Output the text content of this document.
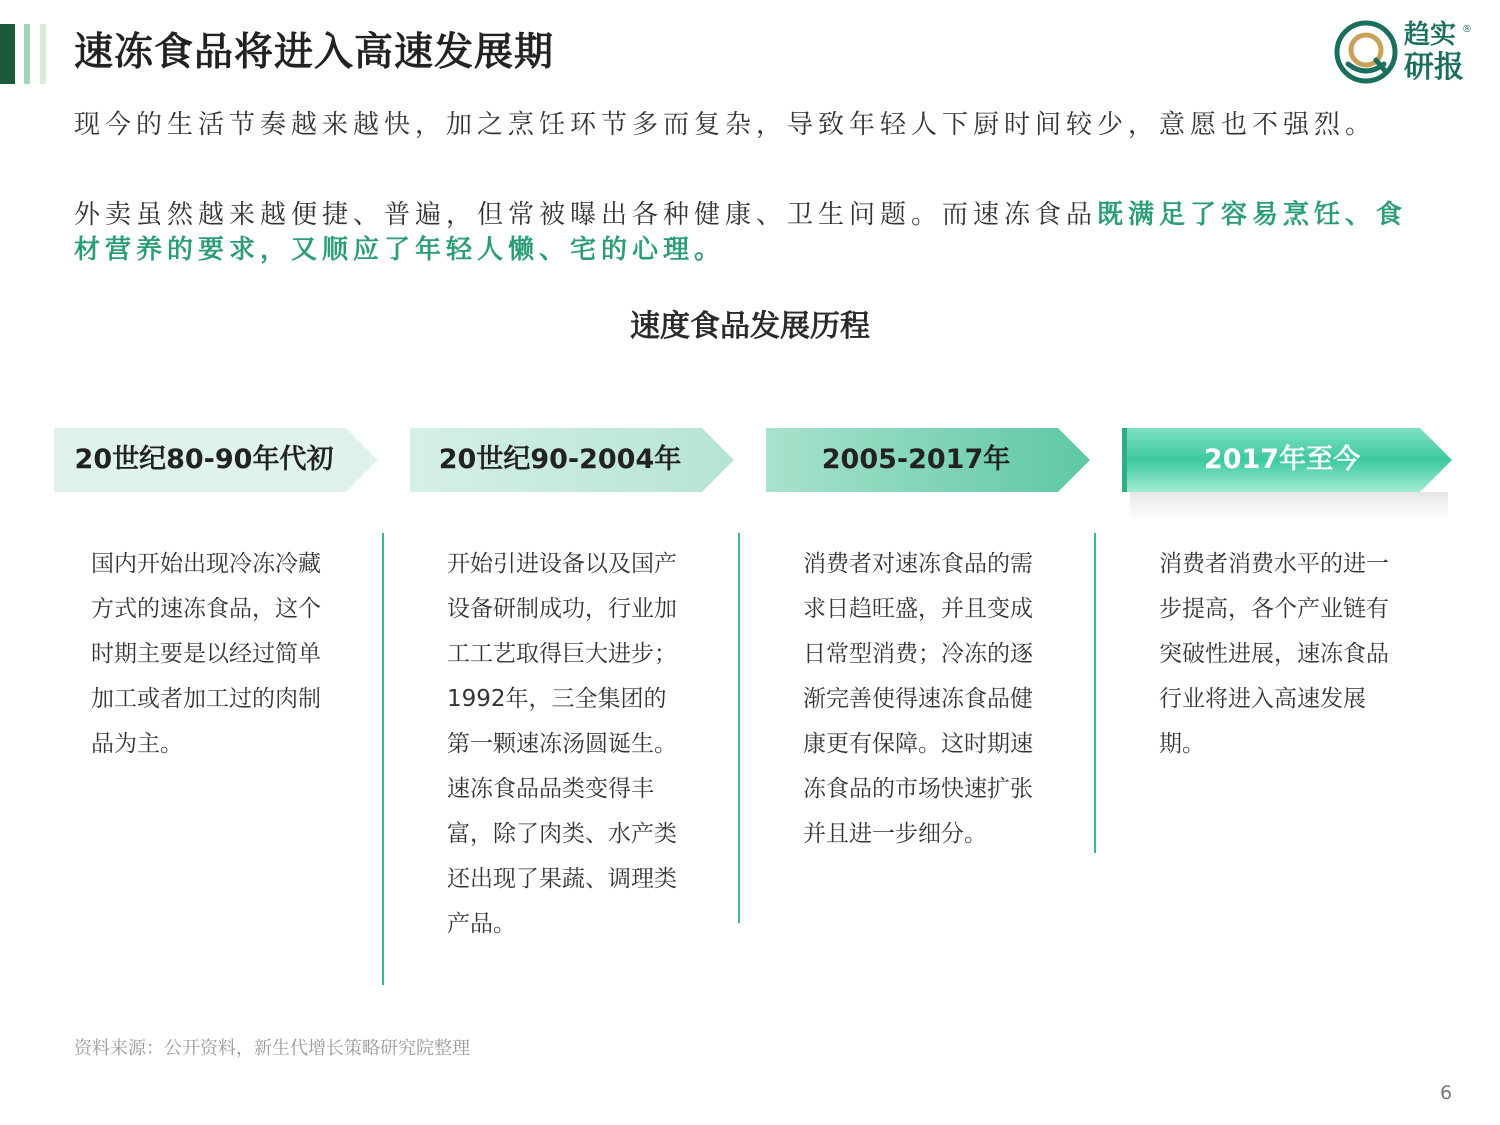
速冻食品将进入高速发展期	趋实 ®
研报

现今的生活节奏越来越快，加之烹饪环节多而复杂，导致年轻人下厨时间较少，意愿也不强烈。

外卖虽然越来越便捷、普遍，但常被曝出各种健康、卫生问题。而速冻食品既满足了容易烹饪、食材营养的要求，又顺应了年轻人懒、宅的心理。

速度食品发展历程
20世纪80-90年代初	20世纪90-2004年	2005-2017年	2017年至今

国内开始出现冷冻冷藏方式的速冻食品，这个时期主要是以经过简单加工或者加工过的肉制品为主。

开始引进设备以及国产设备研制成功，行业加工工艺取得巨大进步；1992年，三全集团的第一颗速冻汤圆诞生。速冻食品品类变得丰富，除了肉类、水产类还出现了果蔬、调理类产品。

消费者对速冻食品的需求日趋旺盛，并且变成日常型消费；冷冻的逐渐完善使得速冻食品健康更有保障。这时期速冻食品的市场快速扩张并且进一步细分。

消费者消费水平的进一步提高，各个产业链有突破性进展，速冻食品行业将进入高速发展期。

资料来源：公开资料，新生代增长策略研究院整理
6
